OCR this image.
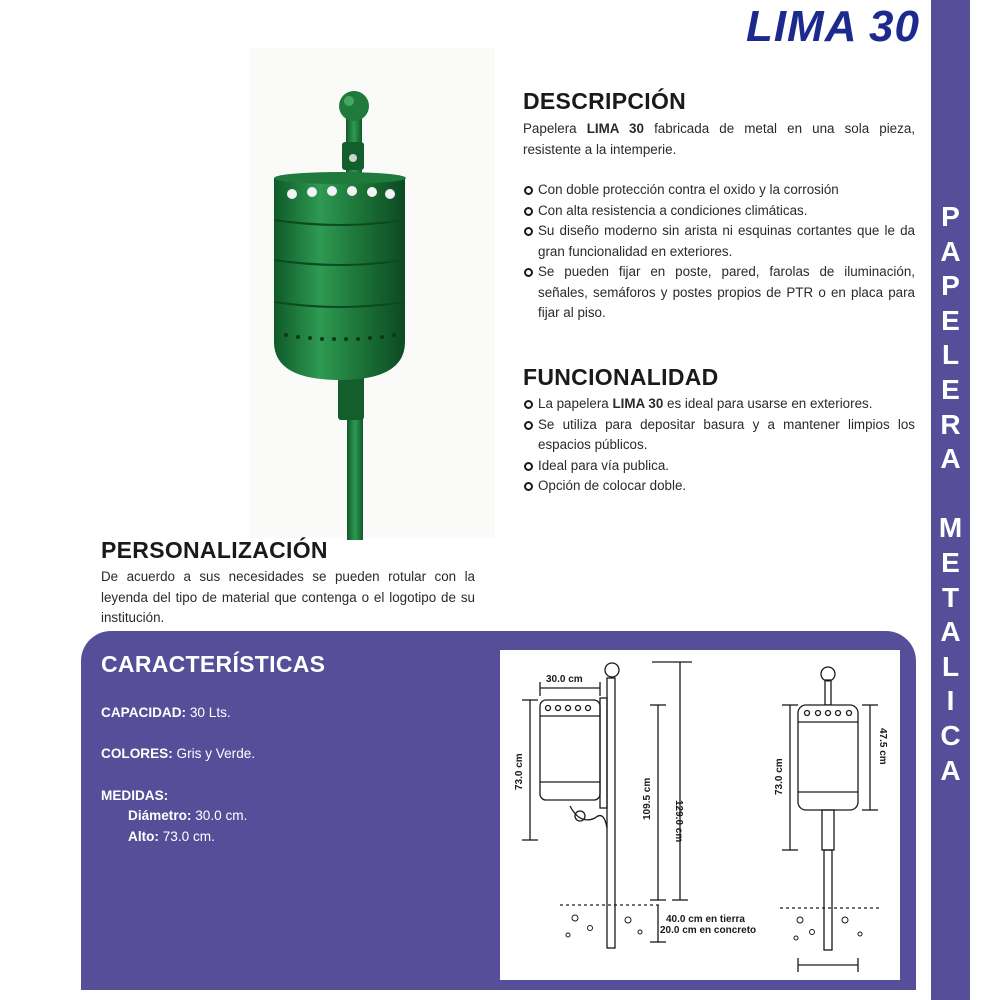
LIMA 30
P
A
P
E
L
E
R
A

M
E
T
A
L
I
C
A
DESCRIPCIÓN

Papelera LIMA 30 fabricada de metal en una sola pieza, resistente a la intemperie.

Con doble protección contra el oxido y la corrosión
Con alta resistencia a condiciones climáticas.
Su diseño moderno sin arista ni esquinas cortantes que le da gran funcionalidad en exteriores.
Se pueden fijar en poste, pared, farolas de iluminación, señales, semáforos y postes propios de PTR o en placa para fijar al piso.
FUNCIONALIDAD
La papelera LIMA 30 es ideal para usarse en exteriores.
Se utiliza para depositar basura y a mantener limpios los espacios públicos.
Ideal para vía publica.
Opción de colocar doble.
PERSONALIZACIÓN

De acuerdo a sus necesidades se pueden rotular con la leyenda del tipo de material que contenga o el logotipo de su institución.

CARACTERÍSTICAS
CAPACIDAD: 30 Lts.
COLORES: Gris y Verde.
MEDIDAS:
Diámetro: 30.0 cm.
Alto: 73.0 cm.
30.0 cm
73.0 cm
109.5 cm
129.0 cm
40.0 cm en tierra
20.0 cm en concreto
73.0 cm
47.5 cm
